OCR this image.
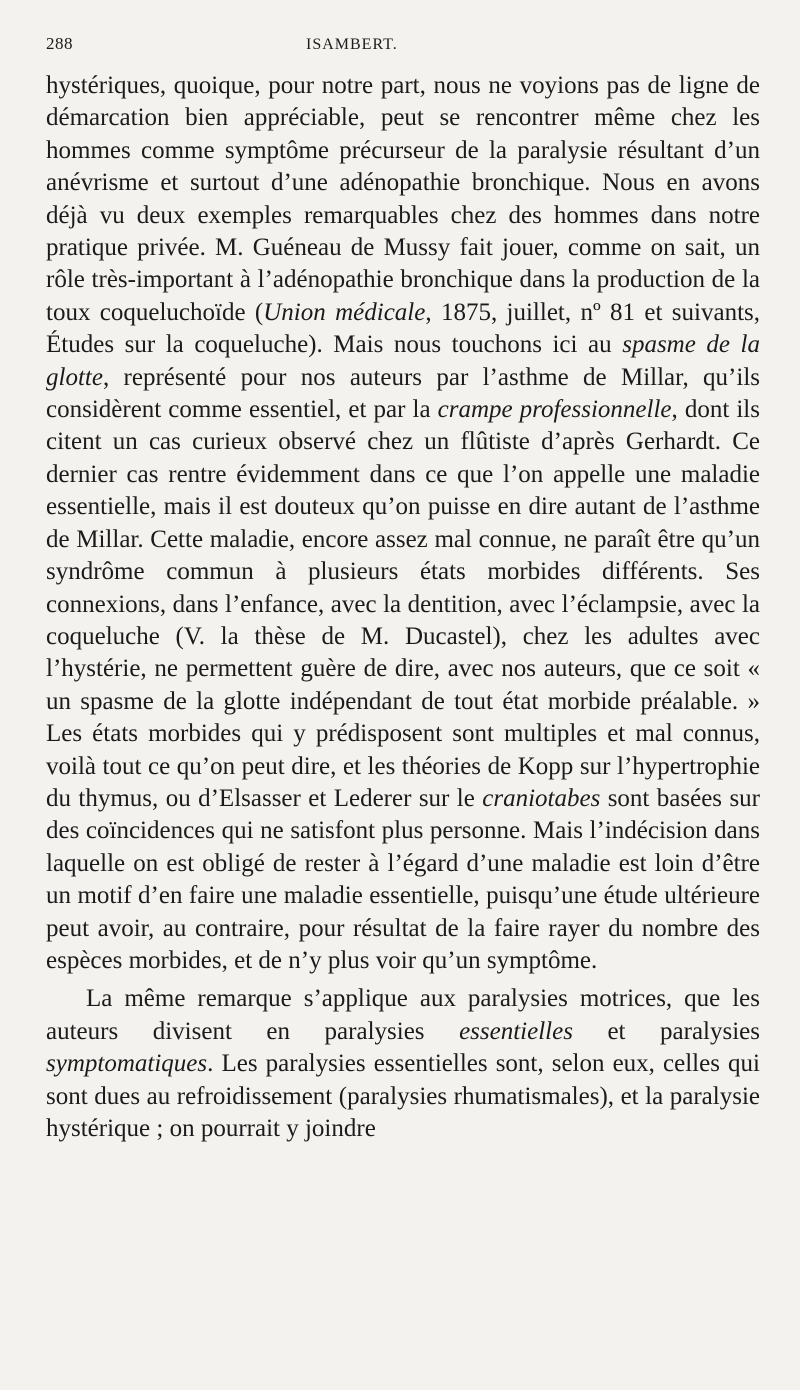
288	ISAMBERT.

hystériques, quoique, pour notre part, nous ne voyions pas de ligne de démarcation bien appréciable, peut se rencontrer même chez les hommes comme symptôme précurseur de la paralysie résultant d’un anévrisme et surtout d’une adénopathie bronchique. Nous en avons déjà vu deux exemples remarquables chez des hommes dans notre pratique privée. M. Guéneau de Mussy fait jouer, comme on sait, un rôle très-important à l’adénopathie bronchique dans la production de la toux coqueluchoïde (Union médicale, 1875, juillet, nº 81 et suivants, Études sur la coqueluche). Mais nous touchons ici au spasme de la glotte, représenté pour nos auteurs par l’asthme de Millar, qu’ils considèrent comme essentiel, et par la crampe professionnelle, dont ils citent un cas curieux observé chez un flûtiste d’après Gerhardt. Ce dernier cas rentre évidemment dans ce que l’on appelle une maladie essentielle, mais il est douteux qu’on puisse en dire autant de l’asthme de Millar. Cette maladie, encore assez mal connue, ne paraît être qu’un syndrôme commun à plusieurs états morbides différents. Ses connexions, dans l’enfance, avec la dentition, avec l’éclampsie, avec la coqueluche (V. la thèse de M. Ducastel), chez les adultes avec l’hystérie, ne permettent guère de dire, avec nos auteurs, que ce soit « un spasme de la glotte indépendant de tout état morbide préalable. » Les états morbides qui y prédisposent sont multiples et mal connus, voilà tout ce qu’on peut dire, et les théories de Kopp sur l’hypertrophie du thymus, ou d’Elsasser et Lederer sur le craniotabes sont basées sur des coïncidences qui ne satisfont plus personne. Mais l’indécision dans laquelle on est obligé de rester à l’égard d’une maladie est loin d’être un motif d’en faire une maladie essentielle, puisqu’une étude ultérieure peut avoir, au contraire, pour résultat de la faire rayer du nombre des espèces morbides, et de n’y plus voir qu’un symptôme.

La même remarque s’applique aux paralysies motrices, que les auteurs divisent en paralysies essentielles et paralysies symptomatiques. Les paralysies essentielles sont, selon eux, celles qui sont dues au refroidissement (paralysies rhumatismales), et la paralysie hystérique ; on pourrait y joindre
